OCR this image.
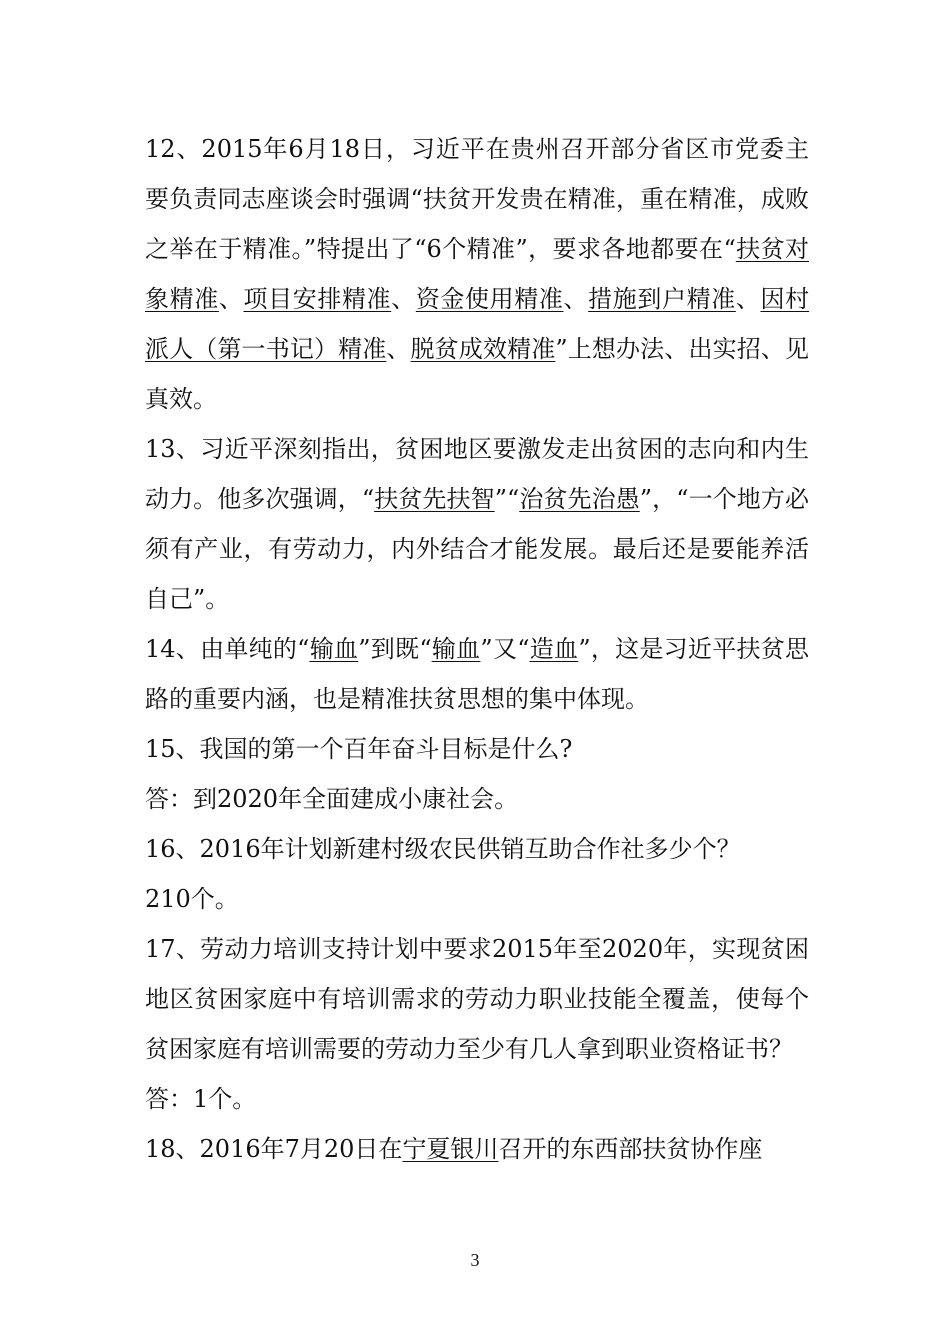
12、2015年6月18日，习近平在贵州召开部分省区市党委主要负责同志座谈会时强调“扶贫开发贵在精准，重在精准，成败之举在于精准。”特提出了“6个精准”，要求各地都要在“扶贫对象精准、项目安排精准、资金使用精准、措施到户精准、因村派人（第一书记）精准、脱贫成效精准”上想办法、出实招、见真效。

13、习近平深刻指出，贫困地区要激发走出贫困的志向和内生动力。他多次强调，“扶贫先扶智”“治贫先治愚”，“一个地方必须有产业，有劳动力，内外结合才能发展。最后还是要能养活自己”。

14、由单纯的“输血”到既“输血”又“造血”，这是习近平扶贫思路的重要内涵，也是精准扶贫思想的集中体现。

15、我国的第一个百年奋斗目标是什么?

答：到2020年全面建成小康社会。

16、2016年计划新建村级农民供销互助合作社多少个？

210个。

17、劳动力培训支持计划中要求2015年至2020年，实现贫困地区贫困家庭中有培训需求的劳动力职业技能全覆盖，使每个贫困家庭有培训需要的劳动力至少有几人拿到职业资格证书？

答：1个。

18、2016年7月20日在宁夏银川召开的东西部扶贫协作座

3
